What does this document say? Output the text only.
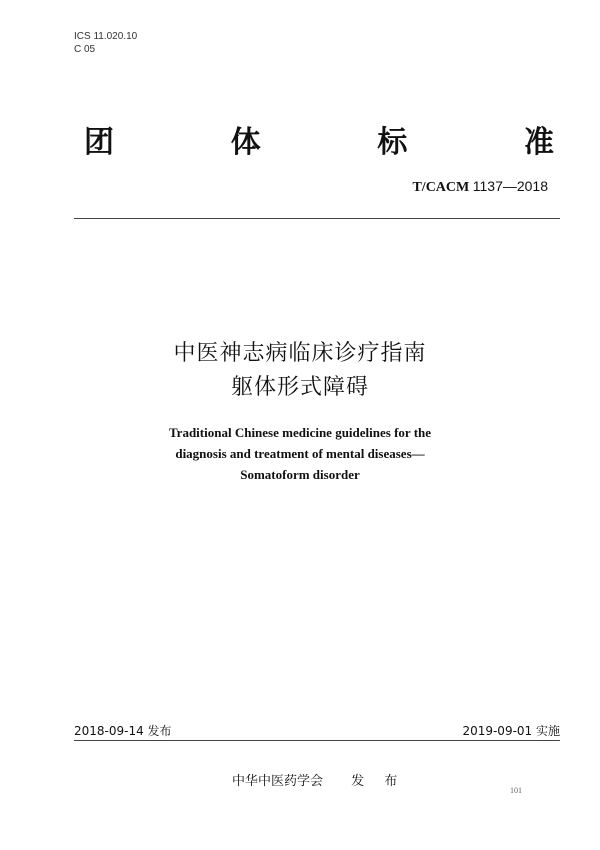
ICS 11.020.10
C 05
团	体	标	准
T/CACM 1137—2018
中医神志病临床诊疗指南
躯体形式障碍
Traditional Chinese medicine guidelines for the
diagnosis and treatment of mental diseases—
Somatoform disorder
2018-09-14 发布	2019-09-01 实施
中华中医药学会 发 布
101
